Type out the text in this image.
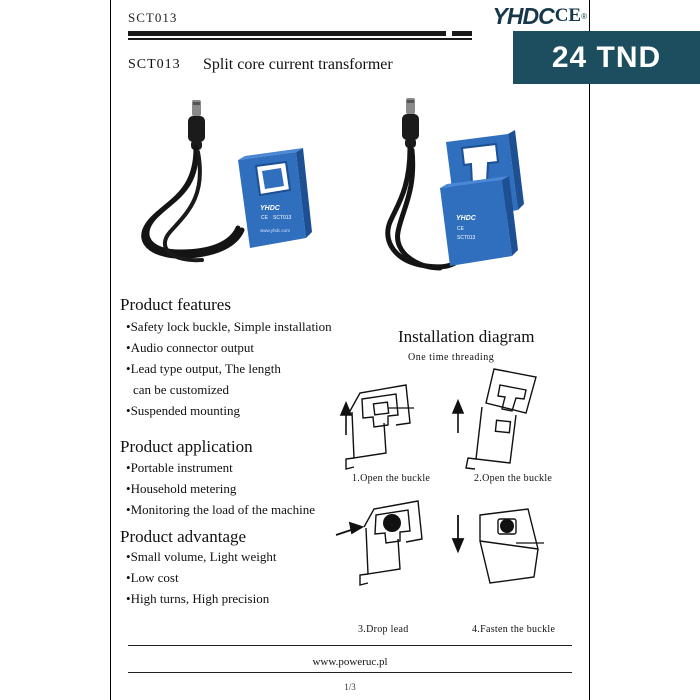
SCT013	YHDC CE ®
24 TND
SCT013 Split core current transformer
YHDC
CE SCT013
www.yhdc.com
YHDC
CE
SCT013
Product features
•Safety lock buckle, Simple installation
•Audio connector output
•Lead type output, The length
can be customized
•Suspended mounting
Product application
•Portable instrument
•Household metering
•Monitoring the load of the machine
Product advantage
•Small volume, Light weight
•Low cost
•High turns, High precision
Installation diagram
One time threading
1.Open the buckle	2.Open the buckle
3.Drop lead	4.Fasten the buckle
www.poweruc.pl
1/3
